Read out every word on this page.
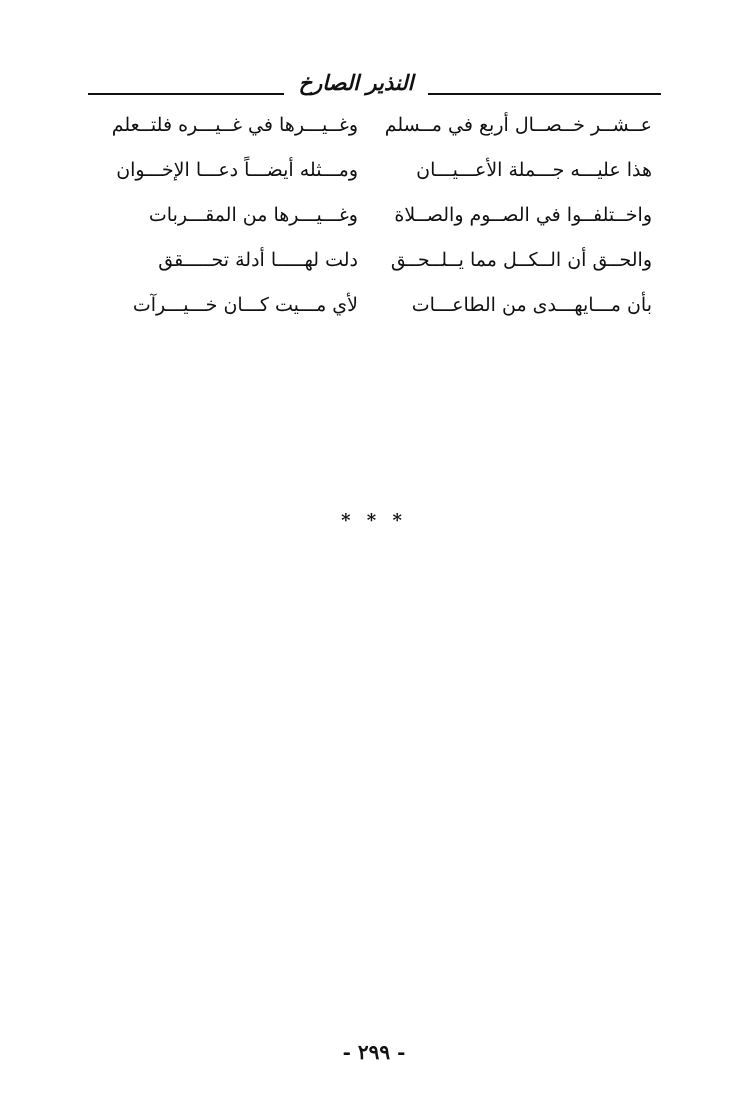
النذير الصارخ
عــشــر خــصــال أربع في مــسلم
وغــيـــرها في غــيـــره فلتــعلم
هذا عليـــه جـــملة الأعـــيـــان
ومـــثله أيضـــاً دعـــا الإخـــوان
واخــتلفــوا في الصــوم والصــلاة
وغـــيـــرها من المقـــربات
والحــق أن الــكــل مما يــلــحــق
دلت لهـــــا أدلة تحـــــقق
بأن مـــايهـــدى من الطاعـــات
لأي مـــيت كـــان خـــيـــرآت
* * *
- ٢٩٩ -
